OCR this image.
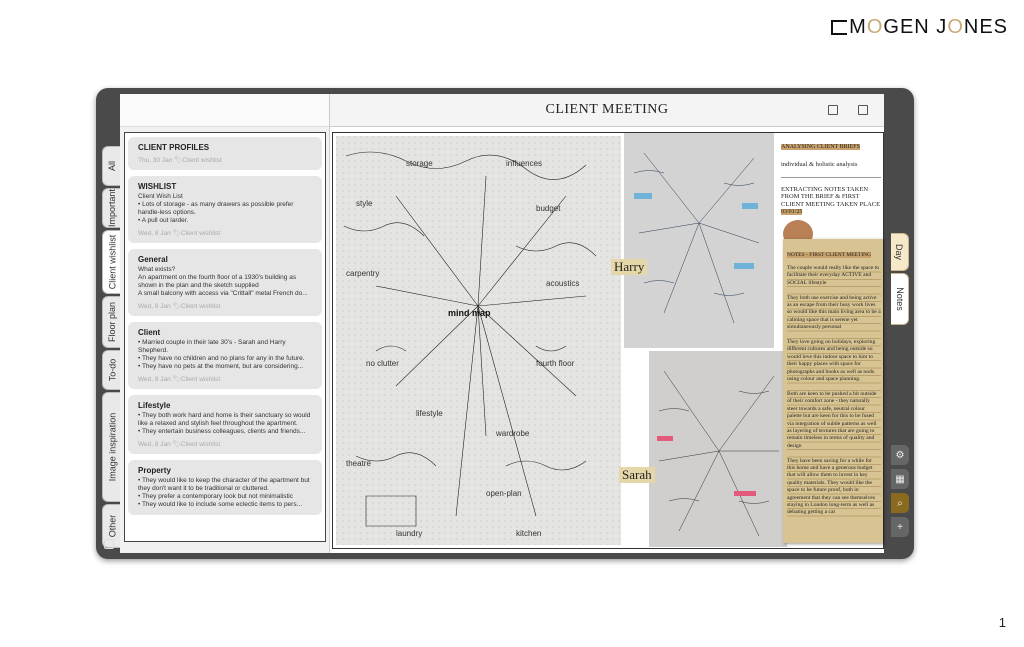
M O GEN J O NES
All
Important
Client wishlist
Floor plan
To-do
Image inspiration
Other
Day
Notes
⚙
▦
⌕
+
CLIENT PROFILES
Thu, 30 Jan 🏷Client wishlist
WISHLIST
Client Wish List
• Lots of storage - as many drawers as possible prefer handle-less options.
• A pull out larder.
Wed, 8 Jan 🏷Client wishlist
General
What exists?
An apartment on the fourth floor of a 1930's building as shown in the plan and the sketch supplied
A small balcony with access via "Crittall" metal French do...
Wed, 8 Jan 🏷Client wishlist
Client
• Married couple in their late 30's - Sarah and Harry Shepherd.
• They have no children and no plans for any in the future.
• They have no pets at the moment, but are considering...
Wed, 8 Jan 🏷Client wishlist
Lifestyle
• They both work hard and home is their sanctuary so would like a relaxed and stylish feel throughout the apartment.
• They entertain business colleagues, clients and friends...
Wed, 8 Jan 🏷Client wishlist
Property
• They would like to keep the character of the apartment but they don't want it to be traditional or cluttered.
• They prefer a contemporary look but not minimalistic
• They would like to include some eclectic items to pers...
CLIENT MEETING
storage	influences
style
budget
carpentry
acoustics
no clutter	fourth floor
lifestyle
wardrobe
theatre
open-plan
laundry	kitchen
mind map
Harry
Sarah
ANALYSING CLIENT BRIEFS

individual & holistic analysis

EXTRACTING NOTES TAKEN FROM THE BRIEF & FIRST CLIENT MEETING TAKEN PLACE 03/01/25

NOTES - FIRST CLIENT MEETING
The couple would really like the space to facilitate their everyday ACTIVE and SOCIAL lifestyle

They both use exercise and being active as an escape from their busy work lives so would like this main living area to be a calming space that is serene yet simultaneously personal

They love going on holidays, exploring different cultures and being outside so would love this indoor space to hint to their happy places with space for photographs and books as well as nods using colour and space planning.

Both are keen to be pushed a bit outside of their comfort zone - they naturally steer towards a safe, neutral colour palette but are keen for this to be fused via integration of subtle patterns as well as layering of textures that are going to remain timeless in terms of quality and design

They have been saving for a while for this home and have a generous budget that will allow them to invest in key quality materials. They would like the space to be future proof, both in agreement that they can see themselves staying in London long-term as well as debating getting a cat
1
